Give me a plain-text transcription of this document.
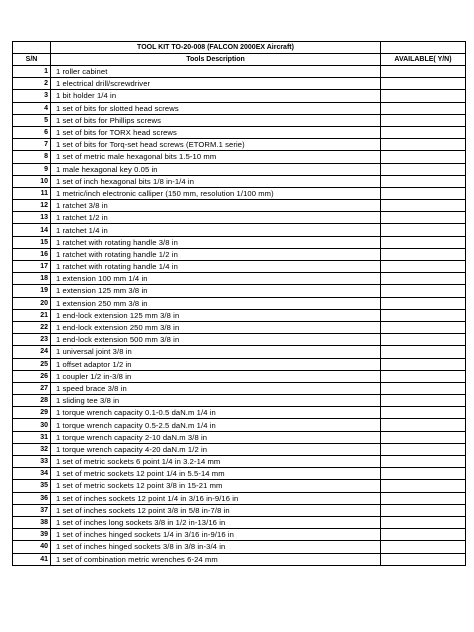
	TOOL KIT TO-20-008 (FALCON 2000EX Aircraft)	
S/N	Tools Description	AVAILABLE( Y/N)
1	1 roller cabinet	
2	1 electrical drill/screwdriver	
3	1 bit holder 1/4 in	
4	1 set of bits for slotted head screws	
5	1 set of bits for Phillips screws	
6	1 set of bits for TORX head screws	
7	1 set of bits for Torq-set head screws (ETORM.1 serie)	
8	1 set of metric male hexagonal bits 1.5-10 mm	
9	1 male hexagonal key 0.05 in	
10	1 set of inch hexagonal bits 1/8 in-1/4 in	
11	1 metric/inch electronic calliper (150 mm, resolution 1/100 mm)	
12	1 ratchet 3/8 in	
13	1 ratchet 1/2 in	
14	1 ratchet 1/4 in	
15	1 ratchet with rotating handle 3/8 in	
16	1 ratchet with rotating handle 1/2 in	
17	1 ratchet with rotating handle 1/4 in	
18	1 extension 100 mm 1/4 in	
19	1 extension 125 mm 3/8 in	
20	1 extension 250 mm 3/8 in	
21	1 end-lock extension 125 mm 3/8 in	
22	1 end-lock extension 250 mm 3/8 in	
23	1 end-lock extension 500 mm 3/8 in	
24	1 universal joint 3/8 in	
25	1 offset adaptor 1/2 in	
26	1 coupler 1/2 in-3/8 in	
27	1 speed brace 3/8 in	
28	1 sliding tee 3/8 in	
29	1 torque wrench capacity 0.1-0.5 daN.m 1/4 in	
30	1 torque wrench capacity 0.5-2.5 daN.m 1/4 in	
31	1 torque wrench capacity 2-10 daN.m 3/8 in	
32	1 torque wrench capacity 4-20 daN.m 1/2 in	
33	1 set of metric sockets 6 point 1/4 in 3.2-14 mm	
34	1 set of metric sockets 12 point 1/4 in 5.5-14 mm	
35	1 set of metric sockets 12 point 3/8 in 15-21 mm	
36	1 set of inches sockets 12 point 1/4 in 3/16 in-9/16 in	
37	1 set of inches sockets 12 point 3/8 in 5/8 in-7/8 in	
38	1 set of inches long sockets 3/8 in 1/2 in-13/16 in	
39	1 set of inches hinged sockets 1/4 in 3/16 in-9/16 in	
40	1 set of inches hinged sockets 3/8 in 3/8 in-3/4 in	
41	1 set of combination metric wrenches 6-24 mm	
